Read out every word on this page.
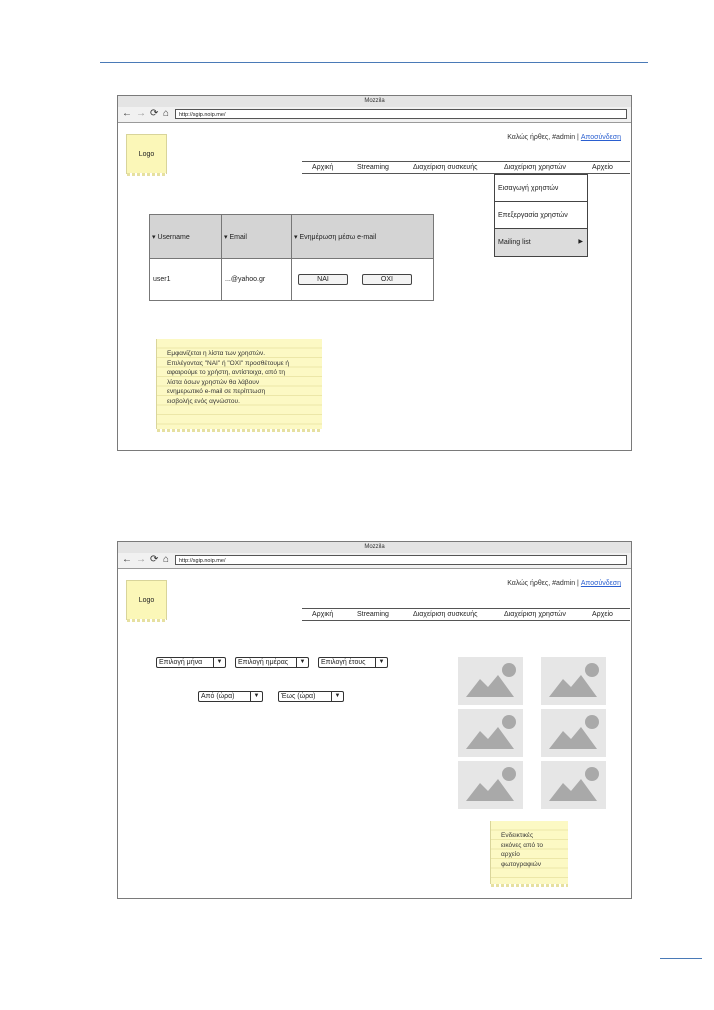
Mozzila
← → ⟳ ⌂	http://sgip.noip.me/
Logo
Καλώς ήρθες, #admin | Αποσύνδεση
Αρχική	Streaming	Διαχείριση συσκευής	Διαχείριση χρηστών	Αρχείο
Εισαγωγή χρηστών
Επεξεργασία χρηστών
Mailing list	▶
▾ Username	▾ Email	▾ Ενημέρωση μέσω e-mail
user1	...@yahoo.gr	ΝΑΙ ΟΧΙ
Εμφανίζεται η λίστα των χρηστών.
Επιλέγοντας "ΝΑΙ" ή "ΟΧΙ" προσθέτουμε ή
αφαιρούμε το χρήστη, αντίστοιχα, από τη
λίστα όσων χρηστών θα λάβουν
ενημερωτικό e-mail σε περίπτωση
εισβολής ενός αγνώστου.
Mozzila
← → ⟳ ⌂	http://sgip.noip.me/
Logo
Καλώς ήρθες, #admin | Αποσύνδεση
Αρχική	Streaming	Διαχείριση συσκευής	Διαχείριση χρηστών	Αρχείο
Επιλογή μήνα	▼	Επιλογή ημέρας	▼	Επιλογή έτους	▼
Από (ώρα)	▼	Έως (ώρα)	▼
Ενδεικτικές
εικόνες από το
αρχείο
φωτογραφιών
